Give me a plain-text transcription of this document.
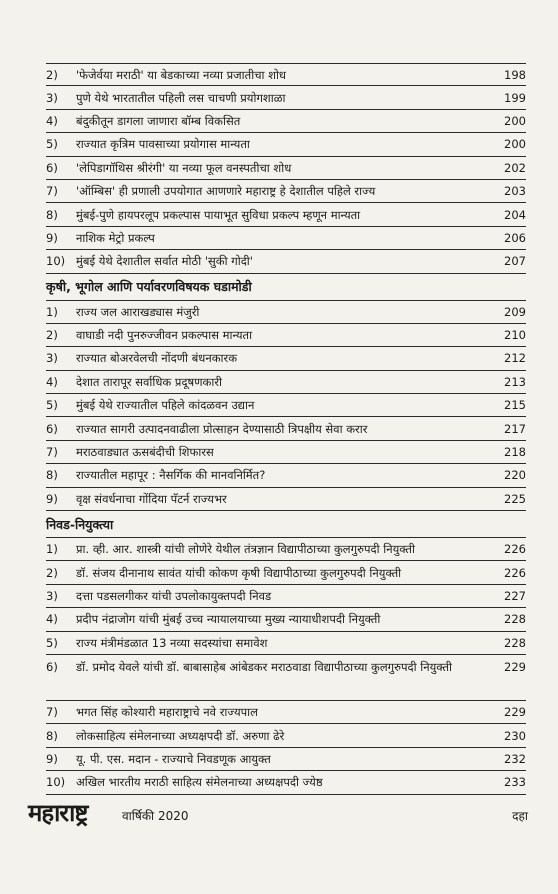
2)	'फेजेर्वया मराठी' या बेडकाच्या नव्या प्रजातीचा शोध	198
3)	पुणे येथे भारतातील पहिली लस चाचणी प्रयोगशाळा	199
4)	बंदुकीतून डागला जाणारा बॉम्ब विकसित	200
5)	राज्यात कृत्रिम पावसाच्या प्रयोगास मान्यता	200
6)	'लेपिडागॉथिस श्रीरंगी' या नव्या फूल वनस्पतीचा शोध	202
7)	'ऑम्बिस' ही प्रणाली उपयोगात आणणारे महाराष्ट्र हे देशातील पहिले राज्य	203
8)	मुंबई-पुणे हायपरलूप प्रकल्पास पायाभूत सुविधा प्रकल्प म्हणून मान्यता	204
9)	नाशिक मेट्रो प्रकल्प	206
10) मुंबई येथे देशातील सर्वात मोठी 'सुकी गोदी'	207
कृषी, भूगोल आणि पर्यावरणविषयक घडामोडी
1)	राज्य जल आराखड्यास मंजुरी	209
2)	वाघाडी नदी पुनरुज्जीवन प्रकल्पास मान्यता	210
3)	राज्यात बोअरवेलची नोंदणी बंधनकारक	212
4)	देशात तारापूर सर्वाधिक प्रदूषणकारी	213
5)	मुंबई येथे राज्यातील पहिले कांदळवन उद्यान	215
6)	राज्यात सागरी उत्पादनवाढीला प्रोत्साहन देण्यासाठी त्रिपक्षीय सेवा करार	217
7)	मराठवाड्यात ऊसबंदीची शिफारस	218
8)	राज्यातील महापूर : नैसर्गिक की मानवनिर्मित?	220
9)	वृक्ष संवर्धनाचा गोंदिया पॅटर्न राज्यभर	225
निवड-नियुक्त्या
1)	प्रा. व्ही. आर. शास्त्री यांची लोणेरे येथील तंत्रज्ञान विद्यापीठाच्या कुलगुरुपदी नियुक्ती	226
2)	डॉ. संजय दीनानाथ सावंत यांची कोकण कृषी विद्यापीठाच्या कुलगुरुपदी नियुक्ती	226
3)	दत्ता पडसलगीकर यांची उपलोकायुक्तपदी निवड	227
4)	प्रदीप नंद्राजोग यांची मुंबई उच्च न्यायालयाच्या मुख्य न्यायाधीशपदी नियुक्ती	228
5)	राज्य मंत्रीमंडळात 13 नव्या सदस्यांचा समावेश	228
6)	डॉ. प्रमोद येवले यांची डॉ. बाबासाहेब आंबेडकर मराठवाडा विद्यापीठाच्या कुलगुरुपदी नियुक्ती	229
7)	भगत सिंह कोश्यारी महाराष्ट्राचे नवे राज्यपाल	229
8)	लोकसाहित्य संमेलनाच्या अध्यक्षपदी डॉ. अरुणा ढेरे	230
9)	यू. पी. एस. मदान - राज्याचे निवडणूक आयुक्त	232
10) अखिल भारतीय मराठी साहित्य संमेलनाच्या अध्यक्षपदी ज्येष्ठ	233
महाराष्ट्र	वार्षिकी 2020	दहा
